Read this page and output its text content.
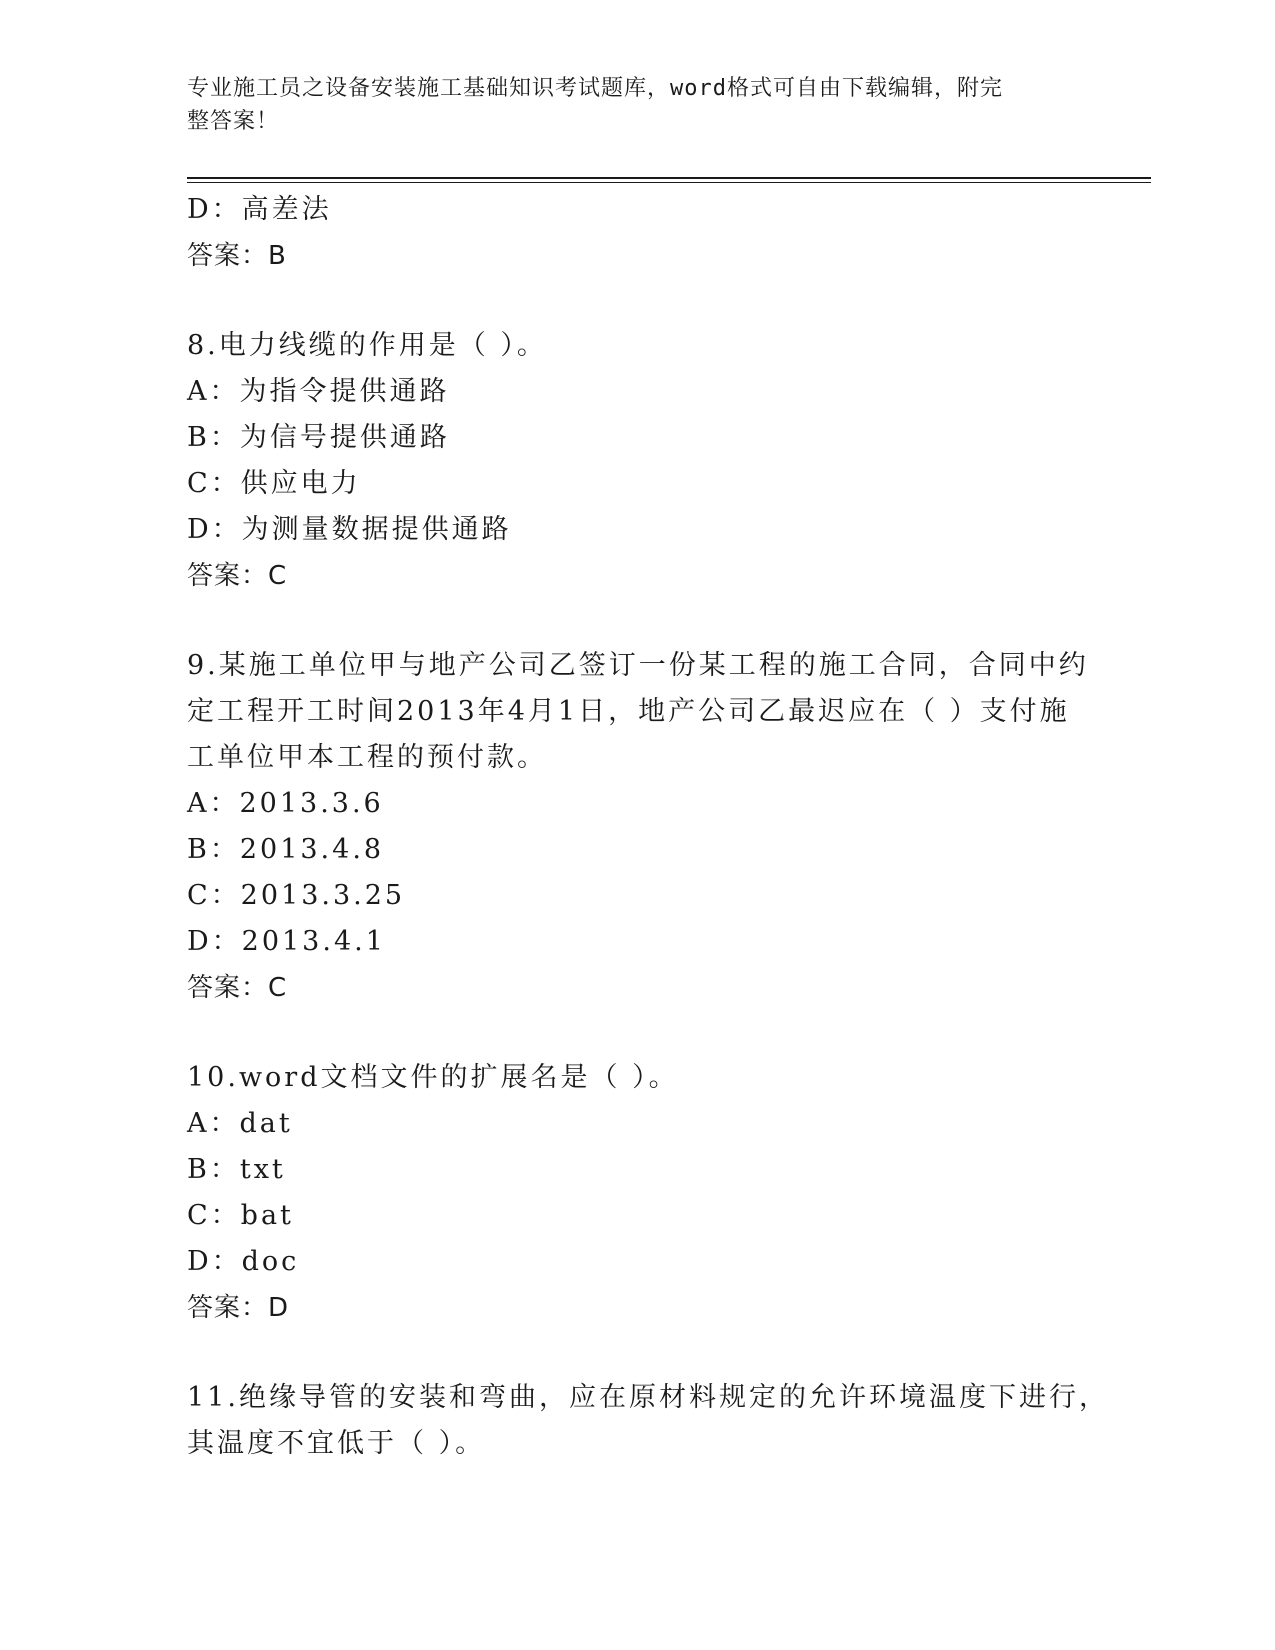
专业施工员之设备安装施工基础知识考试题库，word格式可自由下载编辑，附完
整答案！
D：高差法
答案：B
8.电力线缆的作用是（ ）。
A：为指令提供通路
B：为信号提供通路
C：供应电力
D：为测量数据提供通路
答案：C
9.某施工单位甲与地产公司乙签订一份某工程的施工合同，合同中约
定工程开工时间2013年4月1日，地产公司乙最迟应在（ ）支付施
工单位甲本工程的预付款。
A：2013.3.6
B：2013.4.8
C：2013.3.25
D：2013.4.1
答案：C
10.word文档文件的扩展名是（ ）。
A：dat
B：txt
C：bat
D：doc
答案：D
11.绝缘导管的安装和弯曲，应在原材料规定的允许环境温度下进行，
其温度不宜低于（ ）。
